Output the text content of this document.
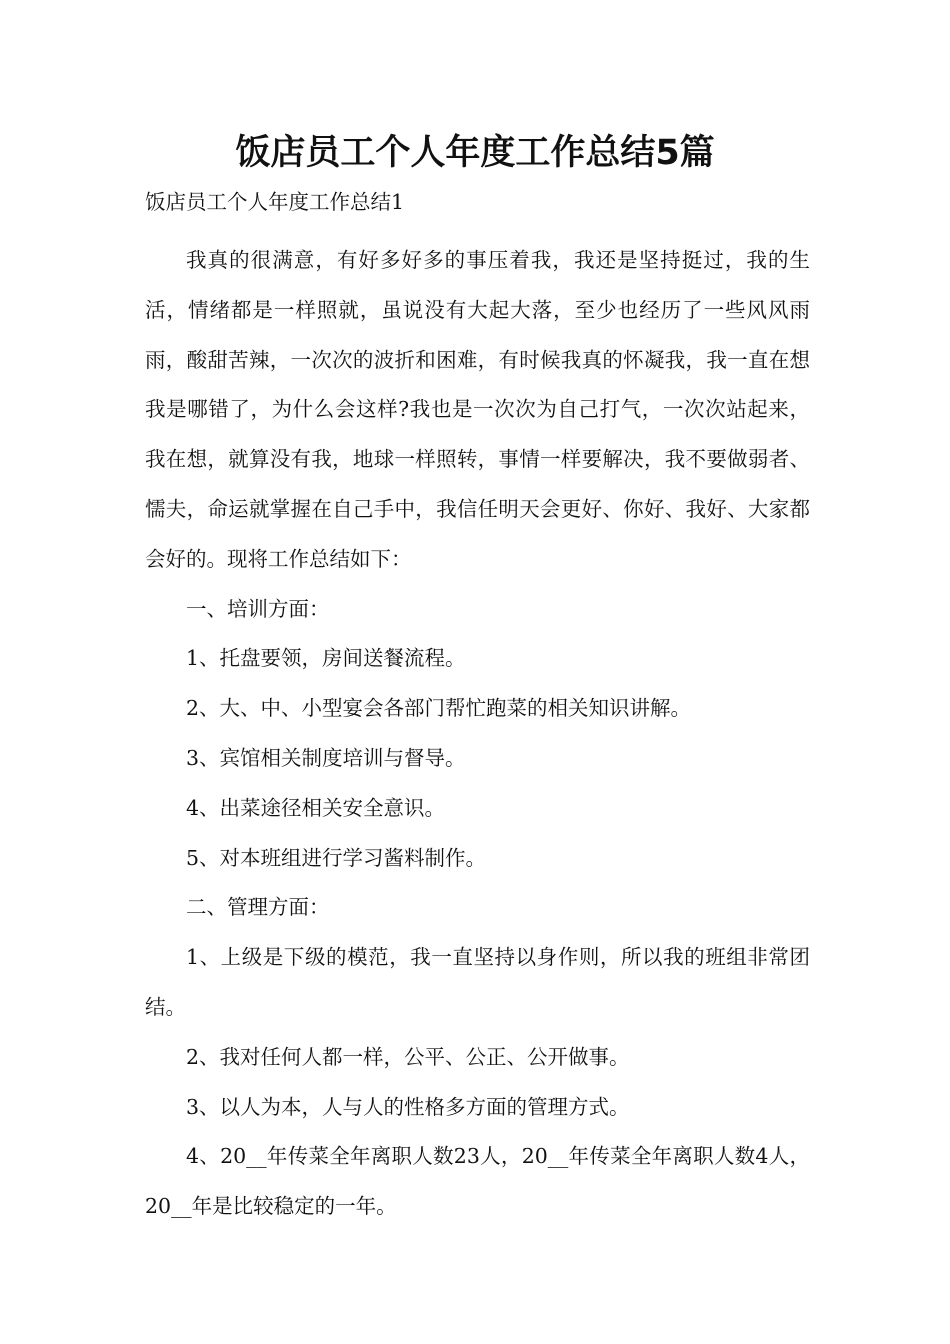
饭店员工个人年度工作总结5篇
饭店员工个人年度工作总结1

我真的很满意，有好多好多的事压着我，我还是坚持挺过，我的生活，情绪都是一样照就，虽说没有大起大落，至少也经历了一些风风雨雨，酸甜苦辣，一次次的波折和困难，有时候我真的怀凝我，我一直在想我是哪错了，为什么会这样?我也是一次次为自己打气，一次次站起来，我在想，就算没有我，地球一样照转，事情一样要解决，我不要做弱者、懦夫，命运就掌握在自己手中，我信任明天会更好、你好、我好、大家都会好的。现将工作总结如下：

一、培训方面：

1、托盘要领，房间送餐流程。

2、大、中、小型宴会各部门帮忙跑菜的相关知识讲解。

3、宾馆相关制度培训与督导。

4、出菜途径相关安全意识。

5、对本班组进行学习酱料制作。

二、管理方面：

1、上级是下级的模范，我一直坚持以身作则，所以我的班组非常团结。

2、我对任何人都一样，公平、公正、公开做事。

3、以人为本，人与人的性格多方面的管理方式。

4、20__年传菜全年离职人数23人，20__年传菜全年离职人数4人，20__年是比较稳定的一年。
